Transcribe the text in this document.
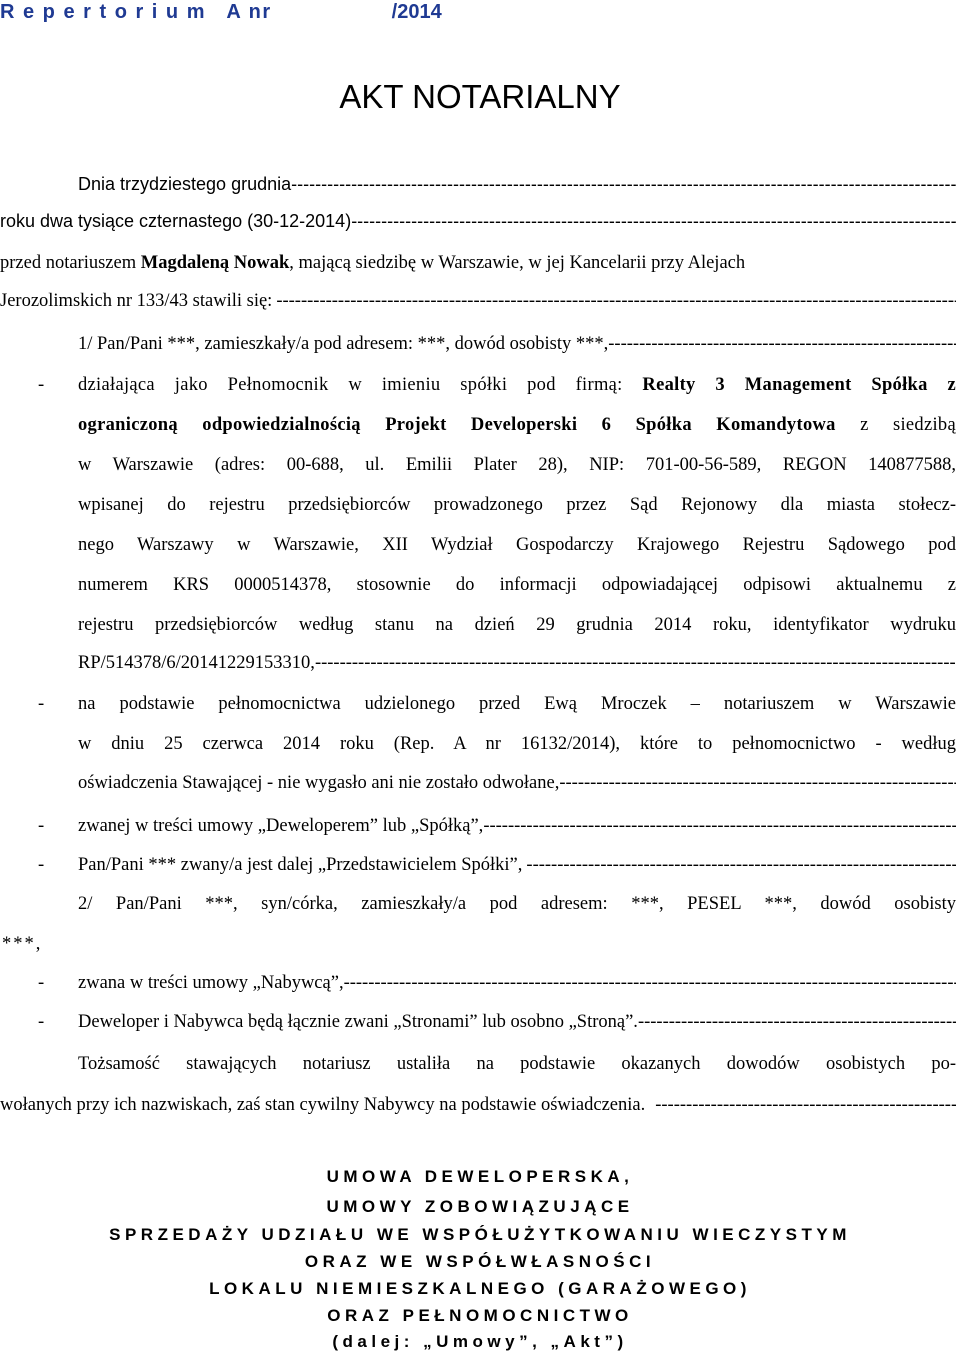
R e p e r t o r i u m   A nr	/2014
AKT NOTARIALNY
Dnia trzydziestego grudnia
-----
roku dwa tysiące czternastego (30-12-2014)
-----
przed notariuszem Magdaleną Nowak, mającą siedzibę w Warszawie, w jej Kancelarii przy Alejach
Jerozolimskich nr 133/43 stawili się:
-----
1/ Pan/Pani ***, zamieszkały/a pod adresem: ***, dowód osobisty ***,
-----
- działająca jako Pełnomocnik w imieniu spółki pod firmą: Realty 3 Management Spółka z
ograniczoną odpowiedzialnością Projekt Developerski 6 Spółka Komandytowa z siedzibą
w Warszawie (adres: 00-688, ul. Emilii Plater 28), NIP: 701-00-56-589, REGON 140877588,
wpisanej do rejestru przedsiębiorców prowadzonego przez Sąd Rejonowy dla miasta stołecz-
nego Warszawy w Warszawie, XII Wydział Gospodarczy Krajowego Rejestru Sądowego pod
numerem KRS 0000514378, stosownie do informacji odpowiadającej odpisowi aktualnemu z
rejestru przedsiębiorców według stanu na dzień 29 grudnia 2014 roku, identyfikator wydruku
RP/514378/6/20141229153310,
-----
- na podstawie pełnomocnictwa udzielonego przed Ewą Mroczek – notariuszem w Warszawie
w dniu 25 czerwca 2014 roku (Rep. A nr 16132/2014), które to pełnomocnictwo - według
oświadczenia Stawającej - nie wygasło ani nie zostało odwołane,
-----
- zwanej w treści umowy „Deweloperem” lub „Spółką”,
-----
- Pan/Pani *** zwany/a jest dalej „Przedstawicielem Spółki”,
-----
2/ Pan/Pani ***, syn/córka, zamieszkały/a pod adresem: ***, PESEL ***, dowód osobisty
***,
- zwana w treści umowy „Nabywcą”,
-----
- Deweloper i Nabywca będą łącznie zwani „Stronami” lub osobno „Stroną”.
-----
Tożsamość stawających notariusz ustaliła na podstawie okazanych dowodów osobistych po-
wołanych przy ich nazwiskach, zaś stan cywilny Nabywcy na podstawie oświadczenia.
-----
UMOWA DEWELOPERSKA,
UMOWY ZOBOWIĄZUJĄCE
SPRZEDAŻY UDZIAŁU WE WSPÓŁUŻYTKOWANIU WIECZYSTYM
ORAZ WE WSPÓŁWŁASNOŚCI
LOKALU NIEMIESZKALNEGO (GARAŻOWEGO)
ORAZ PEŁNOMOCNICTWO
(dalej: „Umowy”, „Akt”)
